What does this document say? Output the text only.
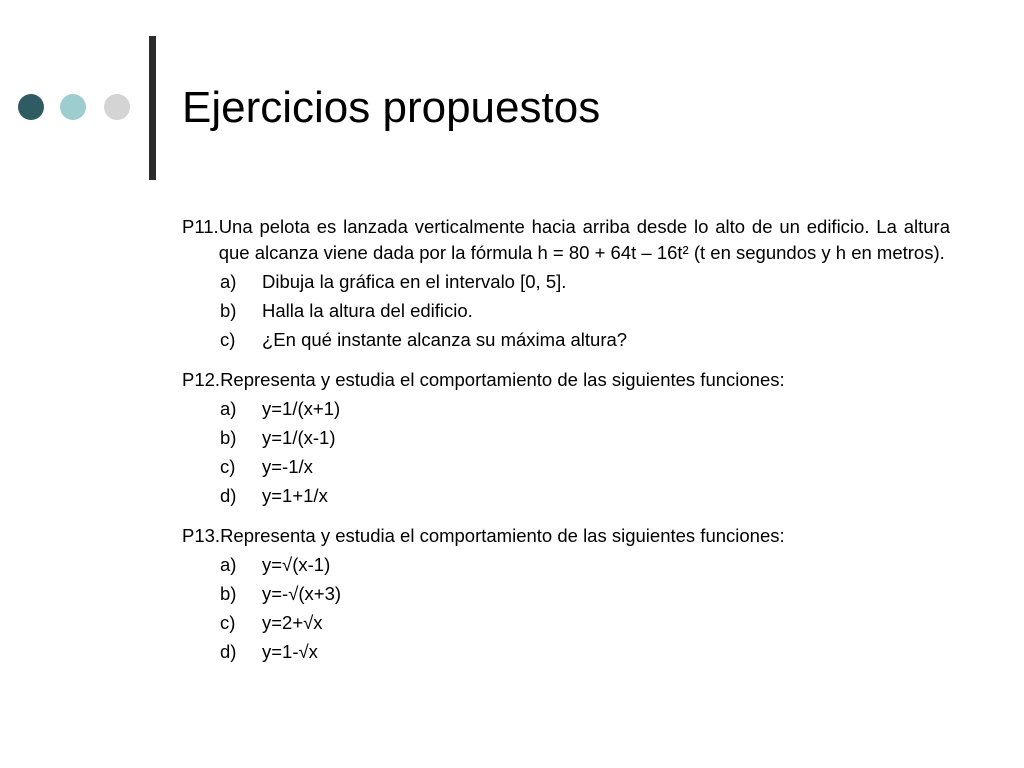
Ejercicios propuestos
P11. Una pelota es lanzada verticalmente hacia arriba desde lo alto de un edificio. La altura que alcanza viene dada por la fórmula h = 80 + 64t – 16t² (t en segundos y h en metros).
a)	Dibuja la gráfica en el intervalo [0, 5].
b)	Halla la altura del edificio.
c)	¿En qué instante alcanza su máxima altura?
P12. Representa y estudia el comportamiento de las siguientes funciones:
a)	y=1/(x+1)
b)	y=1/(x-1)
c)	y=-1/x
d)	y=1+1/x
P13. Representa y estudia el comportamiento de las siguientes funciones:
a)	y=√(x-1)
b)	y=-√(x+3)
c)	y=2+√x
d)	y=1-√x
